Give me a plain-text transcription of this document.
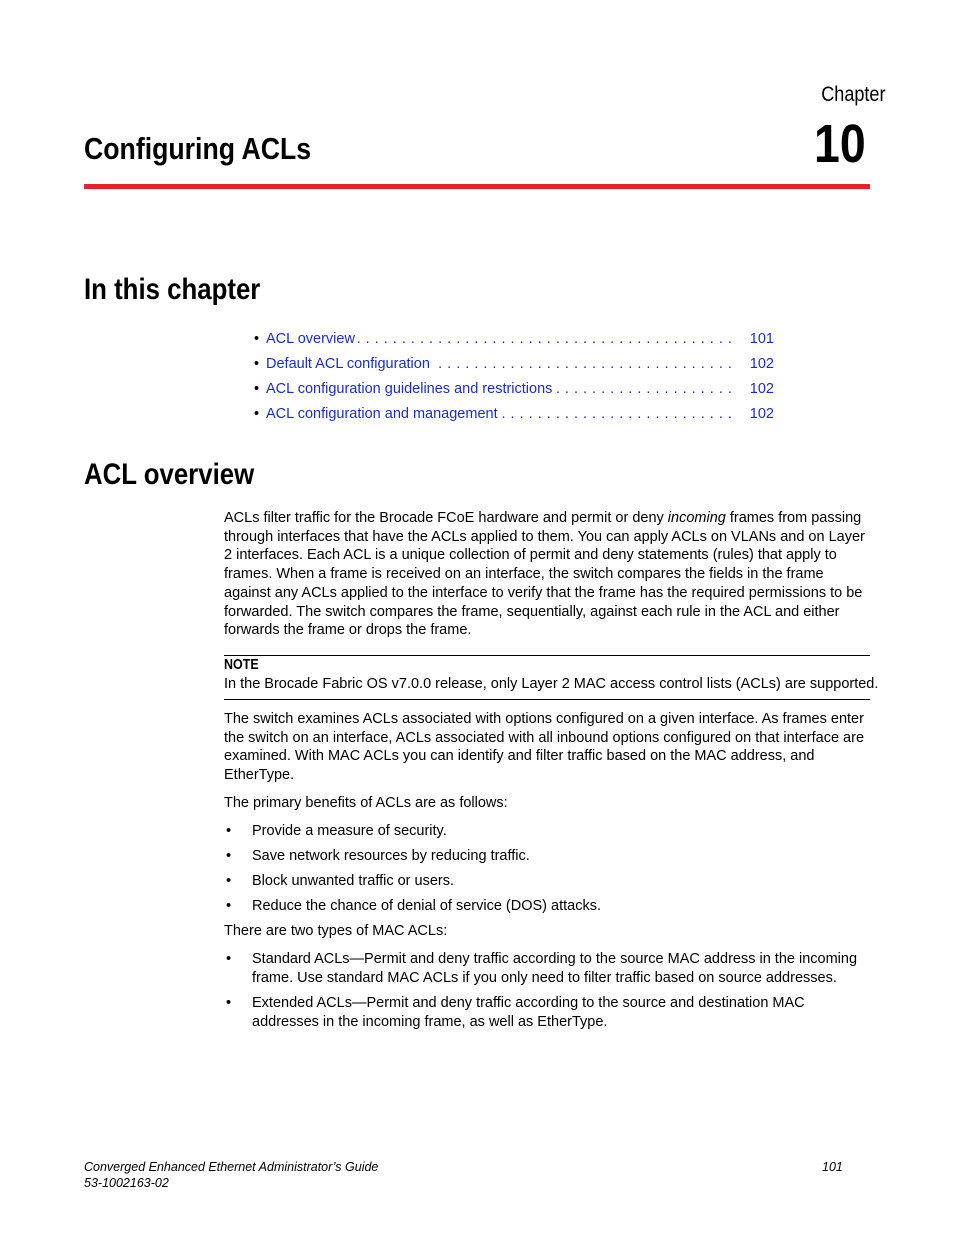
Chapter
10
Configuring ACLs
In this chapter
• ACL overview . . .	101
• Default ACL configuration . . .	102
• ACL configuration guidelines and restrictions . . .	102
• ACL configuration and management . . .	102
ACL overview
ACLs filter traffic for the Brocade FCoE hardware and permit or deny incoming frames from passing through interfaces that have the ACLs applied to them. You can apply ACLs on VLANs and on Layer 2 interfaces. Each ACL is a unique collection of permit and deny statements (rules) that apply to frames. When a frame is received on an interface, the switch compares the fields in the frame against any ACLs applied to the interface to verify that the frame has the required permissions to be forwarded. The switch compares the frame, sequentially, against each rule in the ACL and either forwards the frame or drops the frame.
NOTE
In the Brocade Fabric OS v7.0.0 release, only Layer 2 MAC access control lists (ACLs) are supported.
The switch examines ACLs associated with options configured on a given interface. As frames enter the switch on an interface, ACLs associated with all inbound options configured on that interface are examined. With MAC ACLs you can identify and filter traffic based on the MAC address, and EtherType.
The primary benefits of ACLs are as follows:
• Provide a measure of security.
• Save network resources by reducing traffic.
• Block unwanted traffic or users.
• Reduce the chance of denial of service (DOS) attacks.
There are two types of MAC ACLs:
• Standard ACLs—Permit and deny traffic according to the source MAC address in the incoming frame. Use standard MAC ACLs if you only need to filter traffic based on source addresses.
• Extended ACLs—Permit and deny traffic according to the source and destination MAC addresses in the incoming frame, as well as EtherType.
Converged Enhanced Ethernet Administrator’s Guide
53-1002163-02
101
